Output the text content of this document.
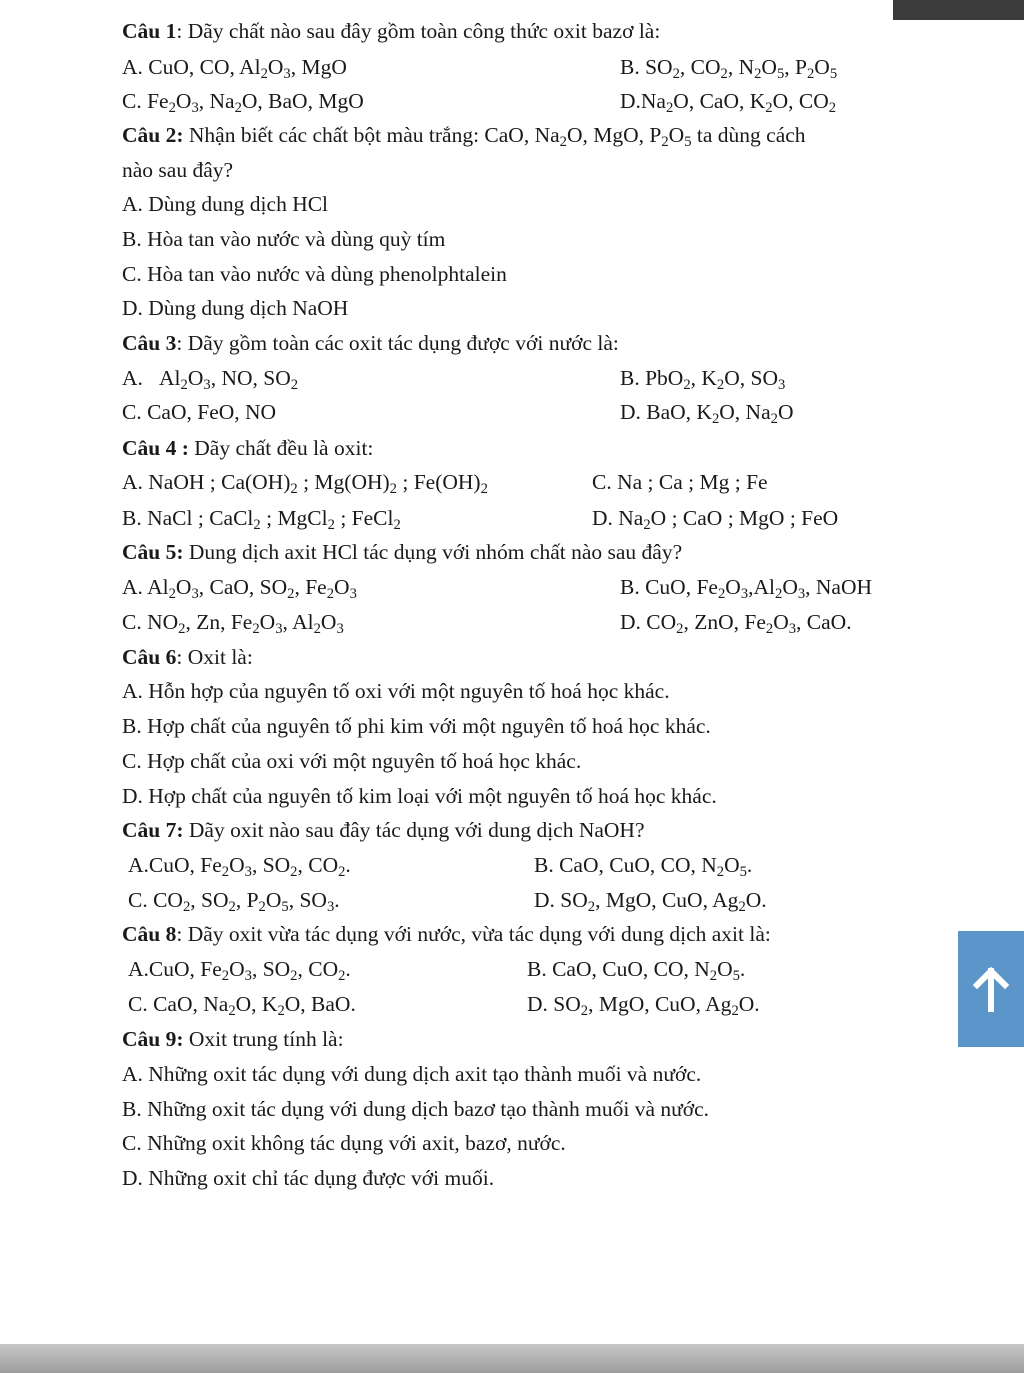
Câu 1: Dãy chất nào sau đây gồm toàn công thức oxit bazơ là:
A. CuO, CO, $Al_2O_3$, MgO	B. $SO_2$, $CO_2$, $N_2O_5$, $P_2O_5$
C. $Fe_2O_3$, $Na_2O$, BaO, MgO	$D.Na_2O$, CaO, $K_2O$, $CO_2$
Câu 2: Nhận biết các chất bột màu trắng: CaO, $Na_2O$, MgO, $P_2O_5$ ta dùng cách
nào sau đây?
A. Dùng dung dịch HCl
B. Hòa tan vào nước và dùng quỳ tím
C. Hòa tan vào nước và dùng phenolphtalein
D. Dùng dung dịch NaOH
Câu 3: Dãy gồm toàn các oxit tác dụng được với nước là:
A.   $Al_2O_3$, NO, $SO_2$	B. PbO$_2$, $K_2O$, $SO_3$
C. CaO, FeO, NO	D. BaO, $K_2O$, $Na_2O$
Câu 4 : Dãy chất đều là oxit:
A. NaOH ; $Ca(OH)_2$ ; $Mg(OH)_2$ ; $Fe(OH)_2$	C. Na ; Ca ; Mg ; Fe
B. NaCl ; CaCl$_2$ ; MgCl$_2$ ; FeCl$_2$	D. $Na_2O$ ; CaO ; MgO ; FeO
Câu 5: Dung dịch axit HCl tác dụng với nhóm chất nào sau đây?
A. $Al_2O_3$, CaO, $SO_2$, $Fe_2O_3$	B. CuO, $Fe_2O_3,Al_2O_3$, NaOH
C. $NO_2$, Zn, $Fe_2O_3$, $Al_2O_3$	D. $CO_2$, ZnO, $Fe_2O_3$, CaO.
Câu 6: Oxit là:
A. Hỗn hợp của nguyên tố oxi với một nguyên tố hoá học khác.
B. Hợp chất của nguyên tố phi kim với một nguyên tố hoá học khác.
C. Hợp chất của oxi với một nguyên tố hoá học khác.
D. Hợp chất của nguyên tố kim loại với một nguyên tố hoá học khác.
Câu 7: Dãy oxit nào sau đây tác dụng với dung dịch NaOH?
A.CuO, $Fe_2O_3$, $SO_2$, $CO_2$.	B. CaO, CuO, CO, $N_2O_5$.
C. $CO_2$, $SO_2$, $P_2O_5$, $SO_3$.	D. $SO_2$, MgO, CuO, $Ag_2O$.
Câu 8: Dãy oxit vừa tác dụng với nước, vừa tác dụng với dung dịch axit là:
A.CuO, $Fe_2O_3$, $SO_2$, $CO_2$.	B. CaO, CuO, CO, $N_2O_5$.
C. CaO, $Na_2O$, $K_2O$, BaO.	D. $SO_2$, MgO, CuO, $Ag_2O$.
Câu 9: Oxit trung tính là:
A. Những oxit tác dụng với dung dịch axit tạo thành muối và nước.
B. Những oxit tác dụng với dung dịch bazơ tạo thành muối và nước.
C. Những oxit không tác dụng với axit, bazơ, nước.
D. Những oxit chỉ tác dụng được với muối.
